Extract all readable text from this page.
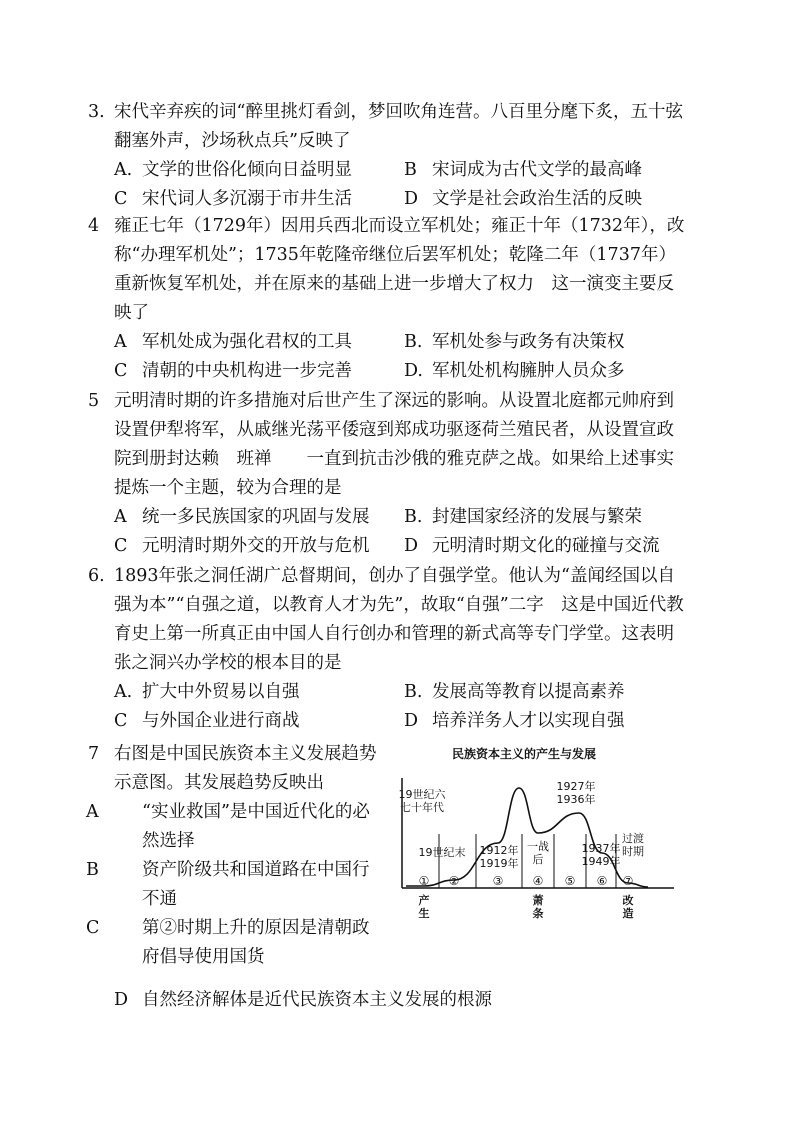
3. 宋代辛弃疾的词“醉里挑灯看剑，梦回吹角连营。八百里分麾下炙，五十弦翻塞外声，沙场秋点兵”反映了
A. 文学的世俗化倾向日益明显	B 宋词成为古代文学的最高峰
C 宋代词人多沉溺于市井生活	D 文学是社会政治生活的反映
4 雍正七年（1729年）因用兵西北而设立军机处；雍正十年（1732年），改称“办理军机处”；1735年乾隆帝继位后罢军机处；乾隆二年（1737年）重新恢复军机处，并在原来的基础上进一步增大了权力　这一演变主要反映了
A 军机处成为强化君权的工具	B. 军机处参与政务有决策权
C 清朝的中央机构进一步完善	D. 军机处机构臃肿人员众多
5 元明清时期的许多措施对后世产生了深远的影响。从设置北庭都元帅府到设置伊犁将军，从戚继光荡平倭寇到郑成功驱逐荷兰殖民者，从设置宣政院到册封达赖　班禅　　一直到抗击沙俄的雅克萨之战。如果给上述事实提炼一个主题，较为合理的是
A 统一多民族国家的巩固与发展	B. 封建国家经济的发展与繁荣
C 元明清时期外交的开放与危机	D 元明清时期文化的碰撞与交流
6. 1893年张之洞任湖广总督期间，创办了自强学堂。他认为“盖闻经国以自强为本”“自强之道，以教育人才为先”，故取“自强”二字　这是中国近代教育史上第一所真正由中国人自行创办和管理的新式高等专门学堂。这表明张之洞兴办学校的根本目的是
A. 扩大中外贸易以自强	B. 发展高等教育以提高素养
C 与外国企业进行商战	D 培养洋务人才以实现自强
7 右图是中国民族资本主义发展趋势示意图。其发展趋势反映出
A “实业救国”是中国近代化的必然选择
B 资产阶级共和国道路在中国行不通
C 第②时期上升的原因是清朝政府倡导使用国货
D 自然经济解体是近代民族资本主义发展的根源
民族资本主义的产生与发展
① ②	③ ④ ⑤ ⑥ ⑦
19世纪六
七十年代
19世纪末 1912年
1919年
一战
后
1937年
1949年
过渡
时期
1927年
1936年
产
生
萧
条
改
造
